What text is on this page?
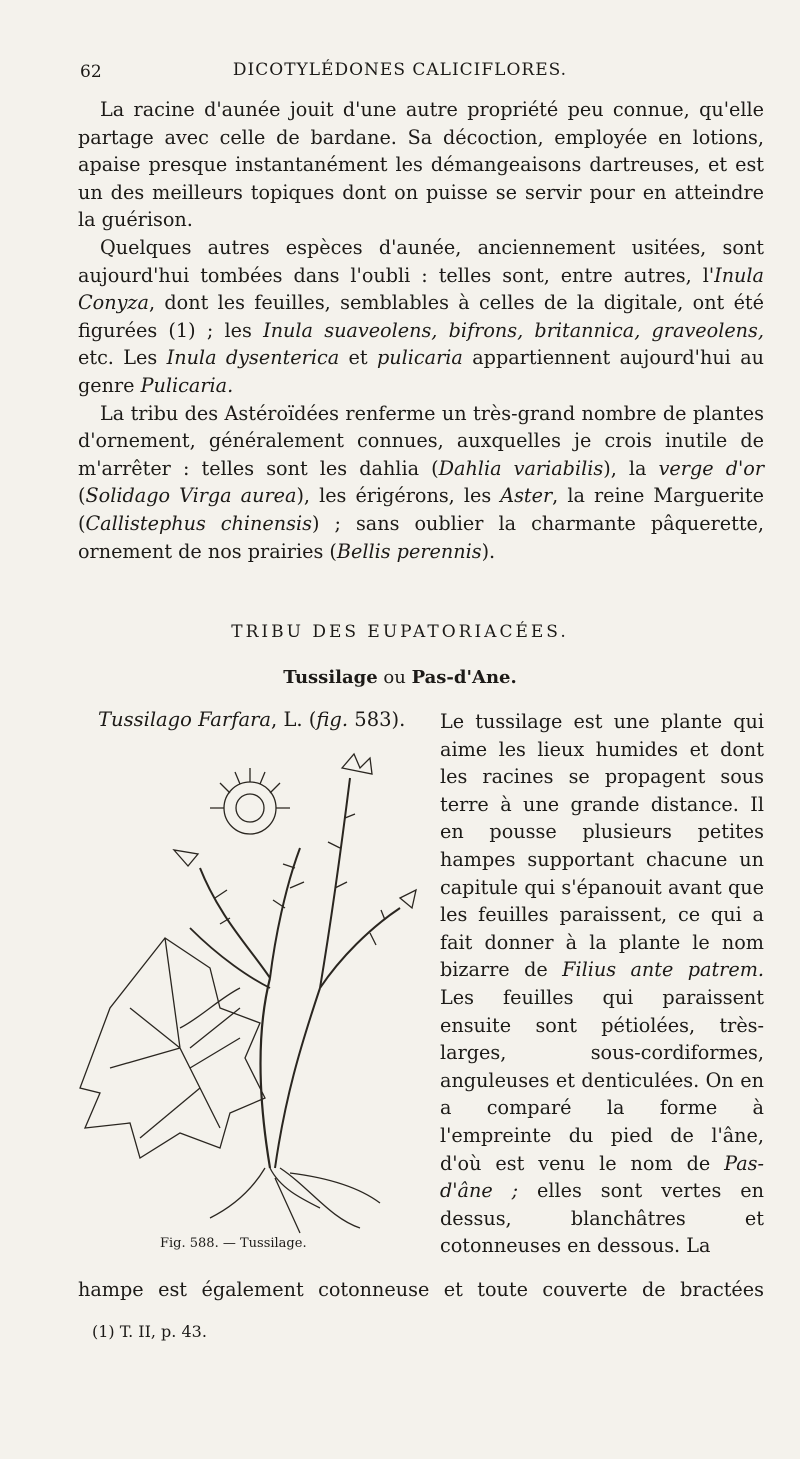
62	DICOTYLÉDONES CALICIFLORES.

La racine d'aunée jouit d'une autre propriété peu connue, qu'elle partage avec celle de bardane. Sa décoction, employée en lotions, apaise presque instantanément les démangeaisons dartreuses, et est un des meilleurs topiques dont on puisse se servir pour en atteindre la guérison.

Quelques autres espèces d'aunée, anciennement usitées, sont aujourd'hui tombées dans l'oubli : telles sont, entre autres, l'Inula Conyza, dont les feuilles, semblables à celles de la digitale, ont été figurées (1) ; les Inula suaveolens, bifrons, britannica, graveolens, etc. Les Inula dysenterica et pulicaria appartiennent aujourd'hui au genre Pulicaria.

La tribu des Astéroïdées renferme un très-grand nombre de plantes d'ornement, généralement connues, auxquelles je crois inutile de m'arrêter : telles sont les dahlia (Dahlia variabilis), la verge d'or (Solidago Virga aurea), les érigérons, les Aster, la reine Marguerite (Callistephus chinensis) ; sans oublier la charmante pâquerette, ornement de nos prairies (Bellis perennis).

TRIBU DES EUPATORIACÉES.
Tussilage ou Pas-d'Ane.
Tussilago Farfara, L. (fig. 583). Le tussilage est une plante qui aime les lieux humides et dont les racines se propagent sous terre à une grande distance. Il en pousse plusieurs petites hampes supportant chacune un capitule qui s'épanouit avant que les feuilles paraissent, ce qui a fait donner à la plante le nom bizarre de Filius ante patrem. Les feuilles qui paraissent ensuite sont pétiolées, très-larges, sous-cordiformes, anguleuses et denticulées. On en a comparé la forme à l'empreinte du pied de l'âne, d'où est venu le nom de Pas-d'âne ; elles sont vertes en dessus, blanchâtres et cotonneuses en dessous. La

Fig. 588. — Tussilage.
hampe est également cotonneuse et toute couverte de bractées
(1) T. II, p. 43.
